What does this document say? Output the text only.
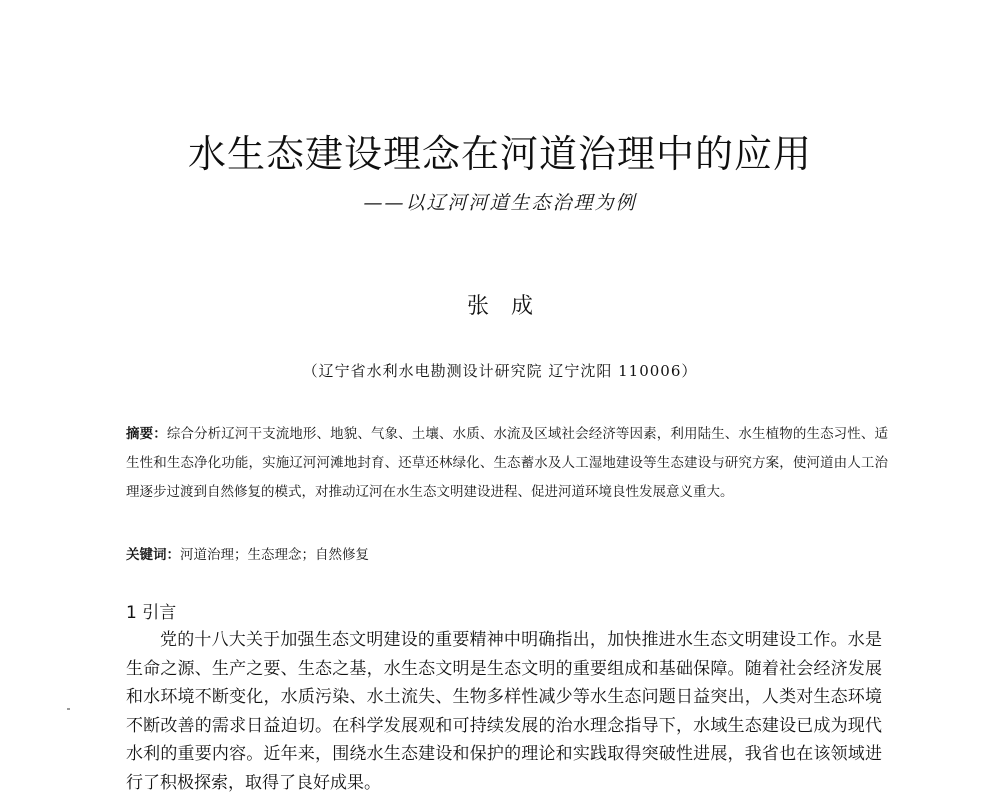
水生态建设理念在河道治理中的应用
——以辽河河道生态治理为例
张成
（辽宁省水利水电勘测设计研究院 辽宁沈阳 110006）

摘要：综合分析辽河干支流地形、地貌、气象、土壤、水质、水流及区域社会经济等因素，利用陆生、水生植物的生态习性、适生性和生态净化功能，实施辽河河滩地封育、还草还林绿化、生态蓄水及人工湿地建设等生态建设与研究方案，使河道由人工治理逐步过渡到自然修复的模式，对推动辽河在水生态文明建设进程、促进河道环境良性发展意义重大。

关键词：河道治理；生态理念；自然修复

1 引言

党的十八大关于加强生态文明建设的重要精神中明确指出，加快推进水生态文明建设工作。水是生命之源、生产之要、生态之基，水生态文明是生态文明的重要组成和基础保障。随着社会经济发展和水环境不断变化，水质污染、水土流失、生物多样性减少等水生态问题日益突出，人类对生态环境不断改善的需求日益迫切。在科学发展观和可持续发展的治水理念指导下，水域生态建设已成为现代水利的重要内容。近年来，围绕水生态建设和保护的理论和实践取得突破性进展，我省也在该领域进行了积极探索，取得了良好成果。
